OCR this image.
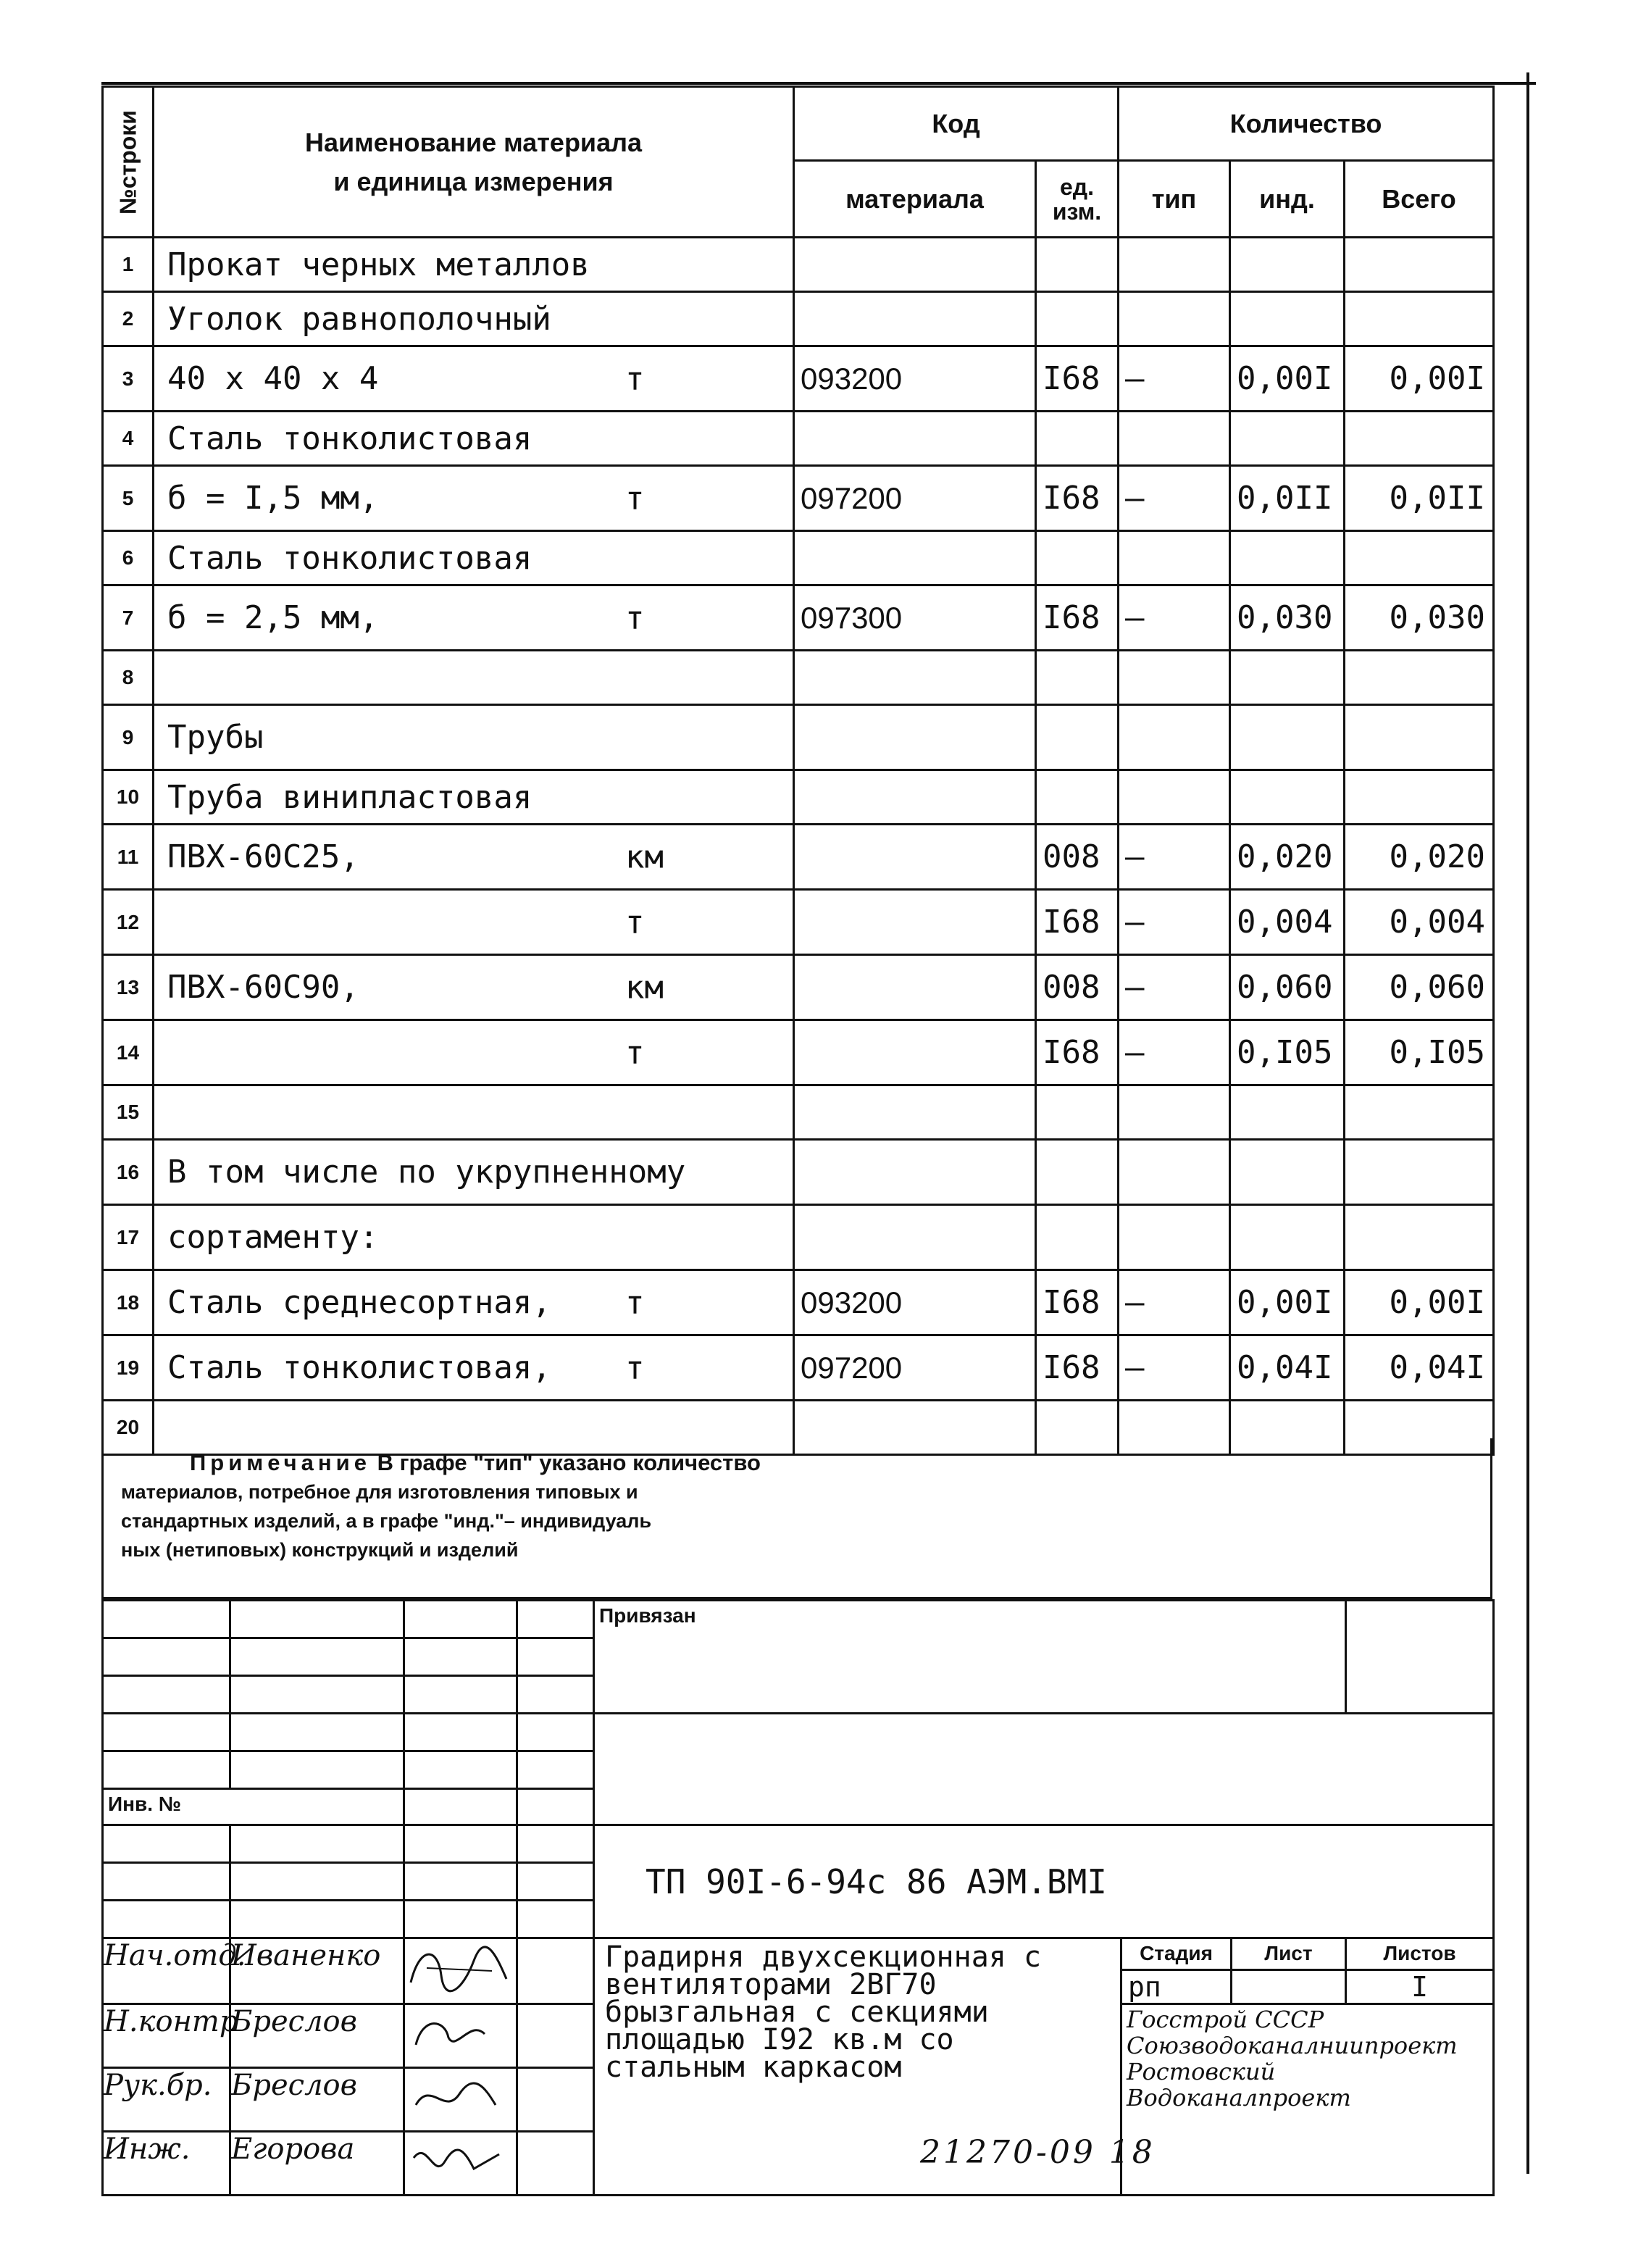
№строки	Наименование материала
и единица измерения	Код		Количество		
		материала	ед. изм.	тип	инд.	Всего
1	Прокат черных металлов

2	Уголок равнополочный

3	40 х 40 х 4 т	093200	I68	–	0,00I	0,00I
4	Сталь тонколистовая

5	б = I,5 мм, т	097200	I68	–	0,0II	0,0II
6	Сталь тонколистовая

7	б = 2,5 мм, т	097300	I68	–	0,030	0,030
8	

9	Трубы

10	Труба винипластовая

11	ПВХ-60С25, км		008	–	0,020	0,020
12	т		I68	–	0,004	0,004
13	ПВХ-60С90, км		008	–	0,060	0,060
14	т		I68	–	0,I05	0,I05
15	

16	В том числе по укрупненному

17	сортаменту:

18	Сталь среднесортная, т	093200	I68	–	0,00I	0,00I
19	Сталь тонколистовая, т	097200	I68	–	0,04I	0,04I
20	

Примечание В графе "тип" указано количество
материалов, потребное для изготовления типовых и
стандартных изделий, а в графе "инд."– индивидуаль
ных (нетиповых) конструкций и изделий
				Привязан			

Инв. №							
				ТП 90I-6-94с 86 АЭМ.ВМI			

Нач.отд.	Иваненко			Градирня двухсекционная с вентиляторами 2ВГ70 брызгальная с секциями площадью I92 кв.м со стальным каркасом	Стадия	Лист	Листов
					рп		I
Н.контр	Бреслов				Госстрой СССР Союзводоканалниипроект Ростовский Водоканалпроект		

Рук.бр.	Бреслов		

Инж.	Егорова			21270-09 18
